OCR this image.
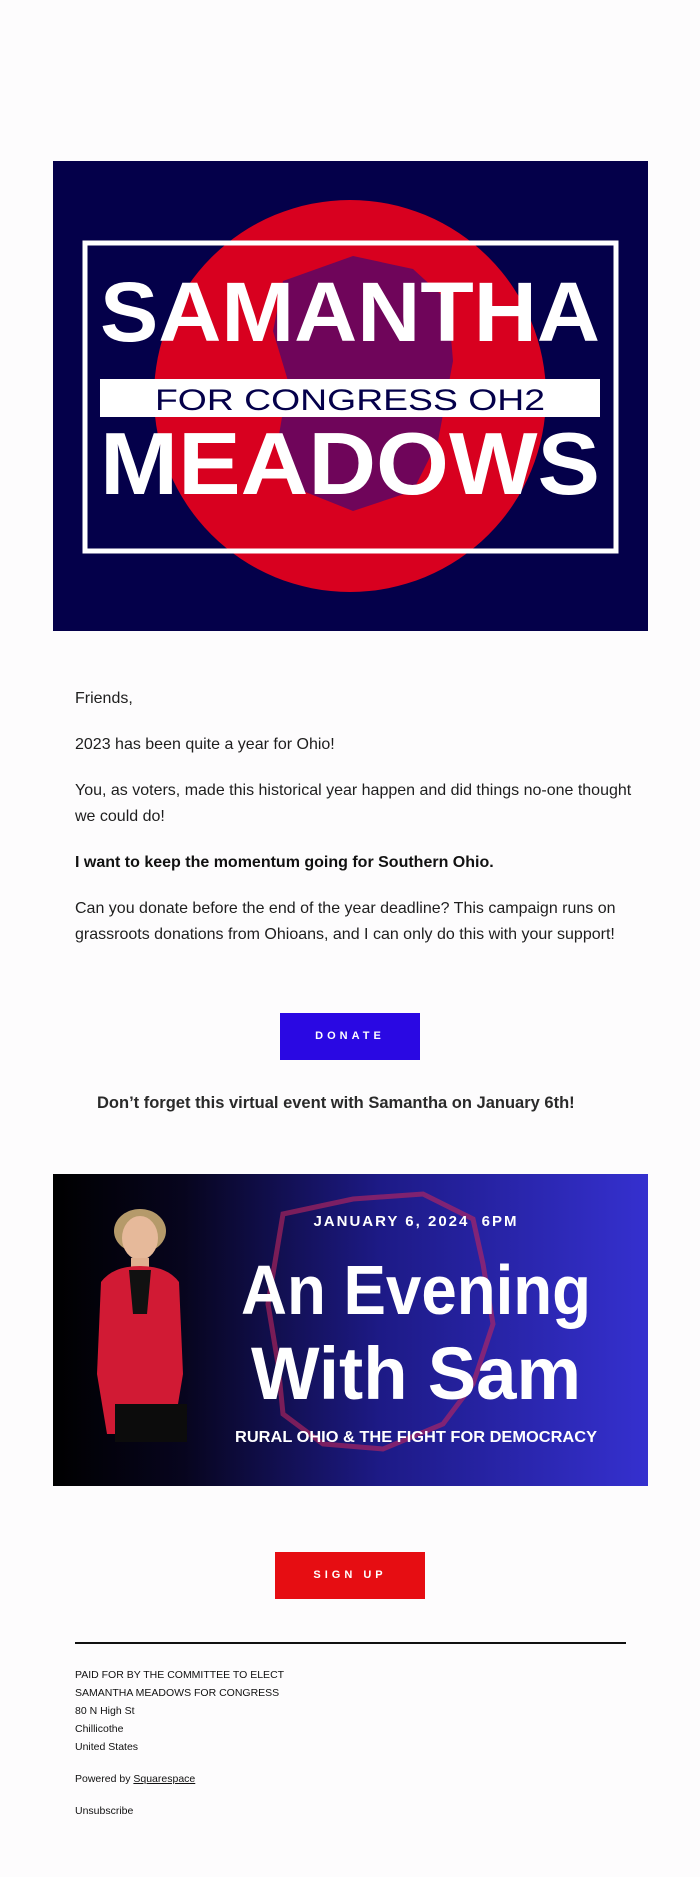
SAMANTHA
FOR CONGRESS OH2
MEADOWS

Friends,

2023 has been quite a year for Ohio!

You, as voters, made this historical year happen and did things no-one thought we could do!

I want to keep the momentum going for Southern Ohio.

Can you donate before the end of the year deadline? This campaign runs on grassroots donations from Ohioans, and I can only do this with your support!

DONATE
Don’t forget this virtual event with Samantha on January 6th!
JANUARY 6, 2024  6PM
An Evening
With Sam
RURAL OHIO & THE FIGHT FOR DEMOCRACY
SIGN UP
PAID FOR BY THE COMMITTEE TO ELECT
SAMANTHA MEADOWS FOR CONGRESS
80 N High St
Chillicothe
United States
Powered by Squarespace
Unsubscribe
